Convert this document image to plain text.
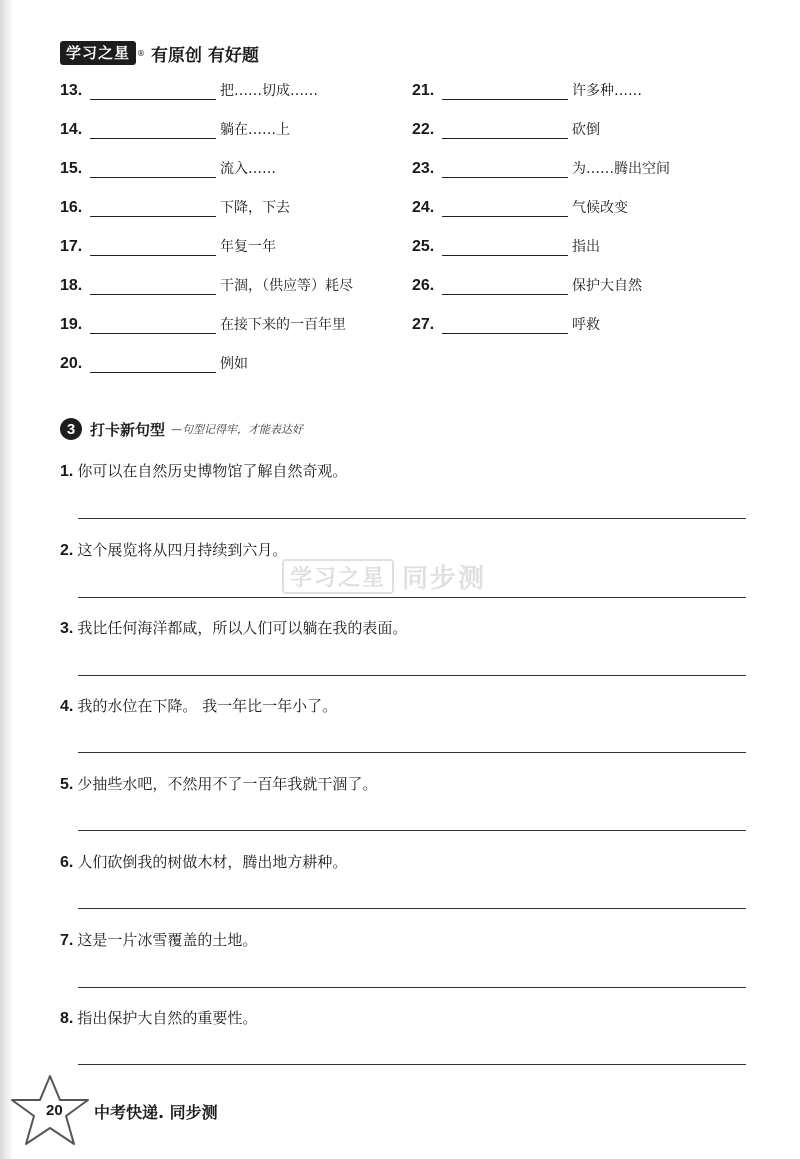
学习之星 ® 有原创 有好题
13.	把……切成……
14.	躺在……上
15.	流入……
16.	下降，下去
17.	年复一年
18.	干涸，（供应等）耗尽
19.	在接下来的一百年里
20.	例如
21.	许多种……
22.	砍倒
23.	为……腾出空间
24.	气候改变
25.	指出
26.	保护大自然
27.	呼救
3 打卡新句型 —句型记得牢，才能表达好
1. 你可以在自然历史博物馆了解自然奇观。
2. 这个展览将从四月持续到六月。
3. 我比任何海洋都咸，所以人们可以躺在我的表面。
4. 我的水位在下降。 我一年比一年小了。
5. 少抽些水吧，不然用不了一百年我就干涸了。
6. 人们砍倒我的树做木材，腾出地方耕种。
7. 这是一片冰雪覆盖的土地。
8. 指出保护大自然的重要性。
学习之星 同步测
20 中考快递. 同步测
